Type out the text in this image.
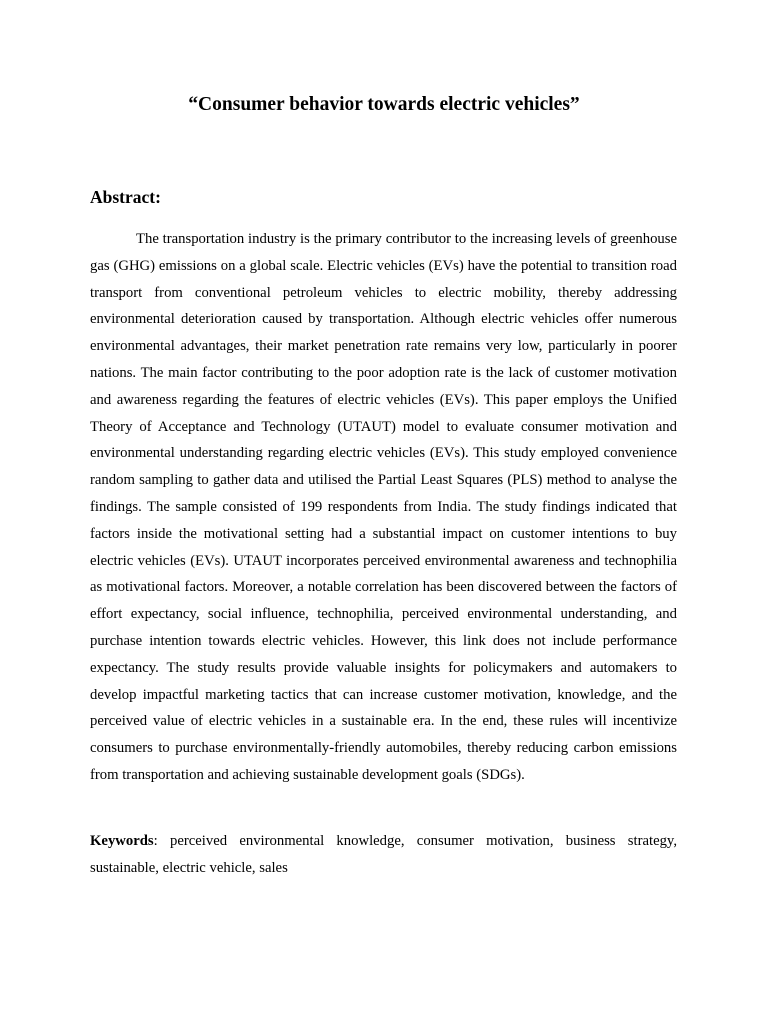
“Consumer behavior towards electric vehicles”
Abstract:

The transportation industry is the primary contributor to the increasing levels of greenhouse gas (GHG) emissions on a global scale. Electric vehicles (EVs) have the potential to transition road transport from conventional petroleum vehicles to electric mobility, thereby addressing environmental deterioration caused by transportation. Although electric vehicles offer numerous environmental advantages, their market penetration rate remains very low, particularly in poorer nations. The main factor contributing to the poor adoption rate is the lack of customer motivation and awareness regarding the features of electric vehicles (EVs). This paper employs the Unified Theory of Acceptance and Technology (UTAUT) model to evaluate consumer motivation and environmental understanding regarding electric vehicles (EVs). This study employed convenience random sampling to gather data and utilised the Partial Least Squares (PLS) method to analyse the findings. The sample consisted of 199 respondents from India. The study findings indicated that factors inside the motivational setting had a substantial impact on customer intentions to buy electric vehicles (EVs). UTAUT incorporates perceived environmental awareness and technophilia as motivational factors. Moreover, a notable correlation has been discovered between the factors of effort expectancy, social influence, technophilia, perceived environmental understanding, and purchase intention towards electric vehicles. However, this link does not include performance expectancy. The study results provide valuable insights for policymakers and automakers to develop impactful marketing tactics that can increase customer motivation, knowledge, and the perceived value of electric vehicles in a sustainable era. In the end, these rules will incentivize consumers to purchase environmentally-friendly automobiles, thereby reducing carbon emissions from transportation and achieving sustainable development goals (SDGs).

Keywords: perceived environmental knowledge, consumer motivation, business strategy, sustainable, electric vehicle, sales
